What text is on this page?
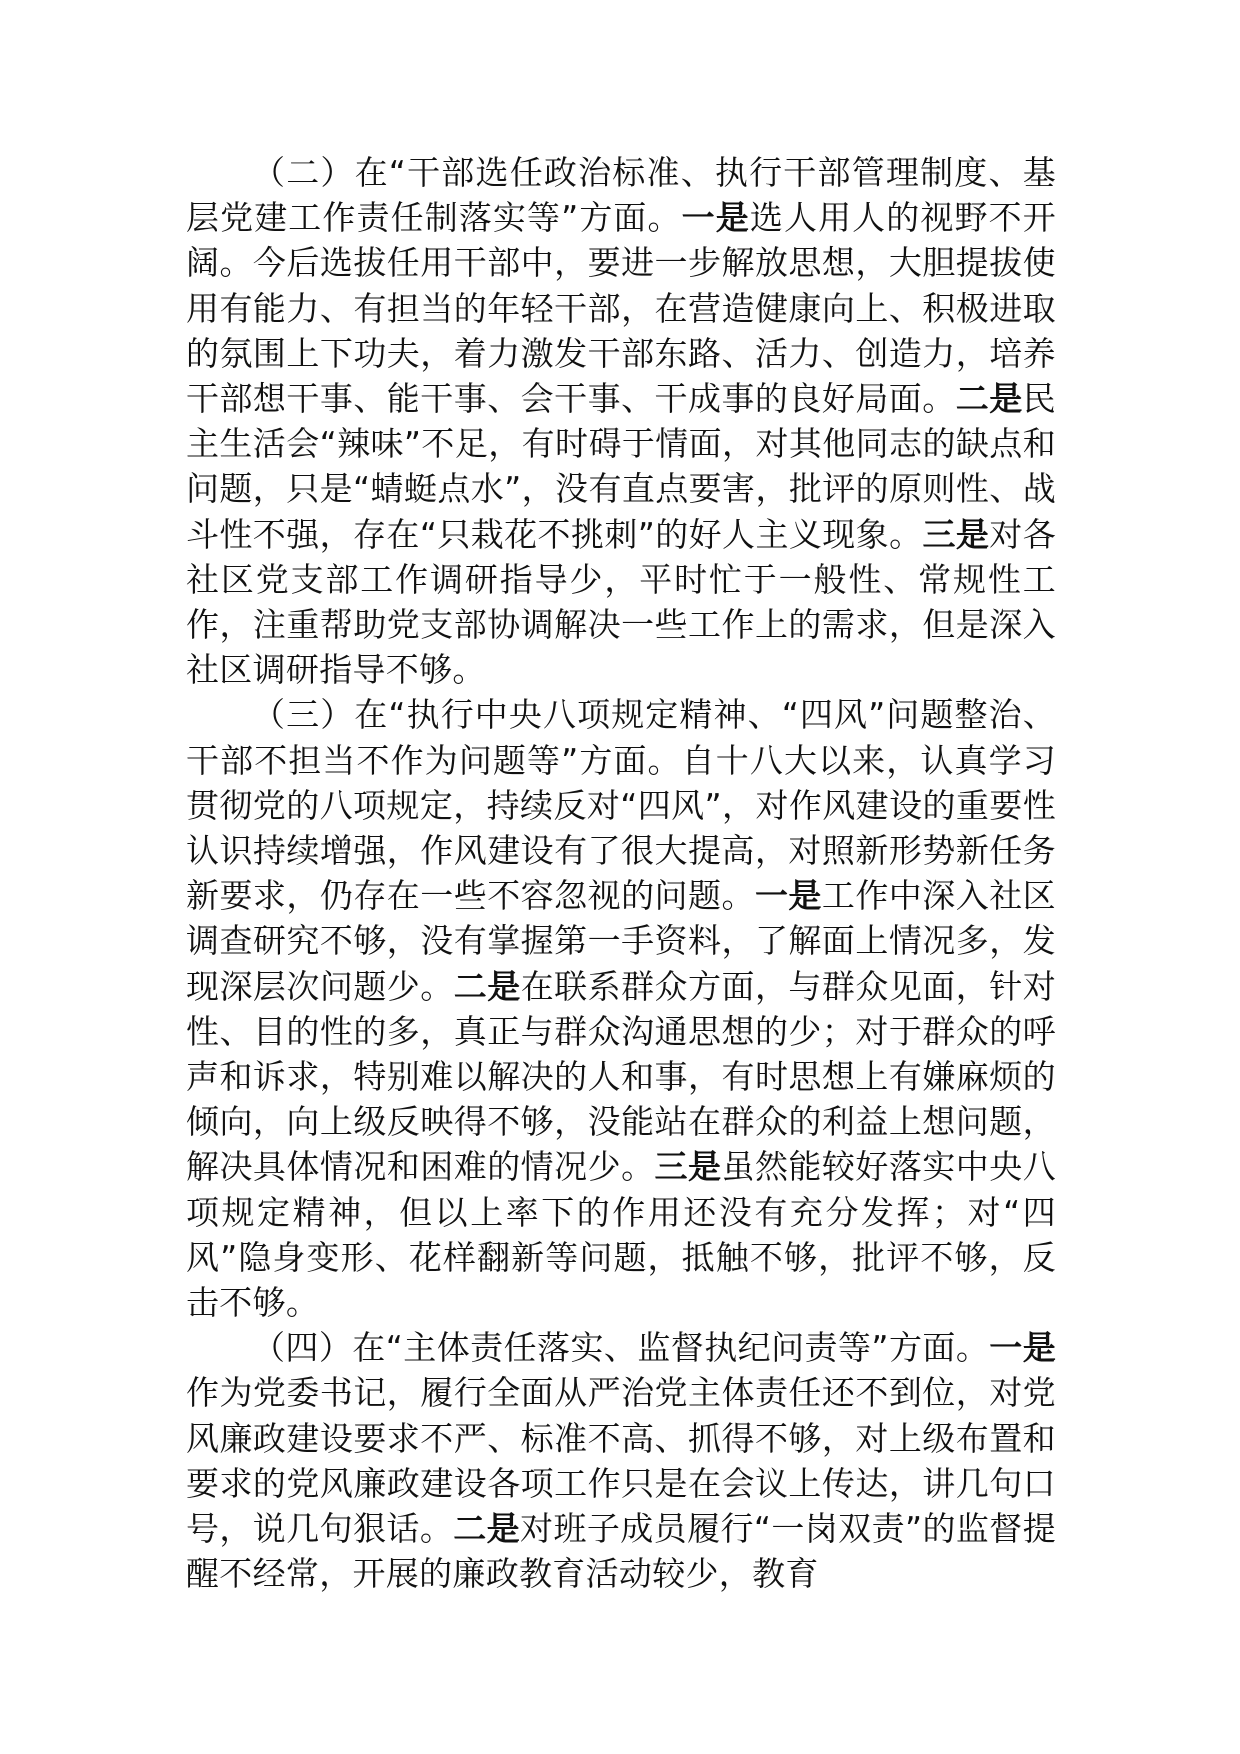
（二）在“干部选任政治标准、执行干部管理制度、基层党建工作责任制落实等”方面。一是选人用人的视野不开阔。今后选拔任用干部中，要进一步解放思想，大胆提拔使用有能力、有担当的年轻干部，在营造健康向上、积极进取的氛围上下功夫，着力激发干部东路、活力、创造力，培养干部想干事、能干事、会干事、干成事的良好局面。二是民主生活会“辣味”不足，有时碍于情面，对其他同志的缺点和问题，只是“蜻蜓点水”，没有直点要害，批评的原则性、战斗性不强，存在“只栽花不挑刺”的好人主义现象。三是对各社区党支部工作调研指导少，平时忙于一般性、常规性工作，注重帮助党支部协调解决一些工作上的需求，但是深入社区调研指导不够。

（三）在“执行中央八项规定精神、“四风”问题整治、干部不担当不作为问题等”方面。自十八大以来，认真学习贯彻党的八项规定，持续反对“四风”，对作风建设的重要性认识持续增强，作风建设有了很大提高，对照新形势新任务新要求，仍存在一些不容忽视的问题。一是工作中深入社区调查研究不够，没有掌握第一手资料，了解面上情况多，发现深层次问题少。二是在联系群众方面，与群众见面，针对性、目的性的多，真正与群众沟通思想的少；对于群众的呼声和诉求，特别难以解决的人和事，有时思想上有嫌麻烦的倾向，向上级反映得不够，没能站在群众的利益上想问题，解决具体情况和困难的情况少。三是虽然能较好落实中央八项规定精神，但以上率下的作用还没有充分发挥；对“四风”隐身变形、花样翻新等问题，抵触不够，批评不够，反击不够。

（四）在“主体责任落实、监督执纪问责等”方面。一是作为党委书记，履行全面从严治党主体责任还不到位，对党风廉政建设要求不严、标准不高、抓得不够，对上级布置和要求的党风廉政建设各项工作只是在会议上传达，讲几句口号，说几句狠话。二是对班子成员履行“一岗双责”的监督提醒不经常，开展的廉政教育活动较少，教育
